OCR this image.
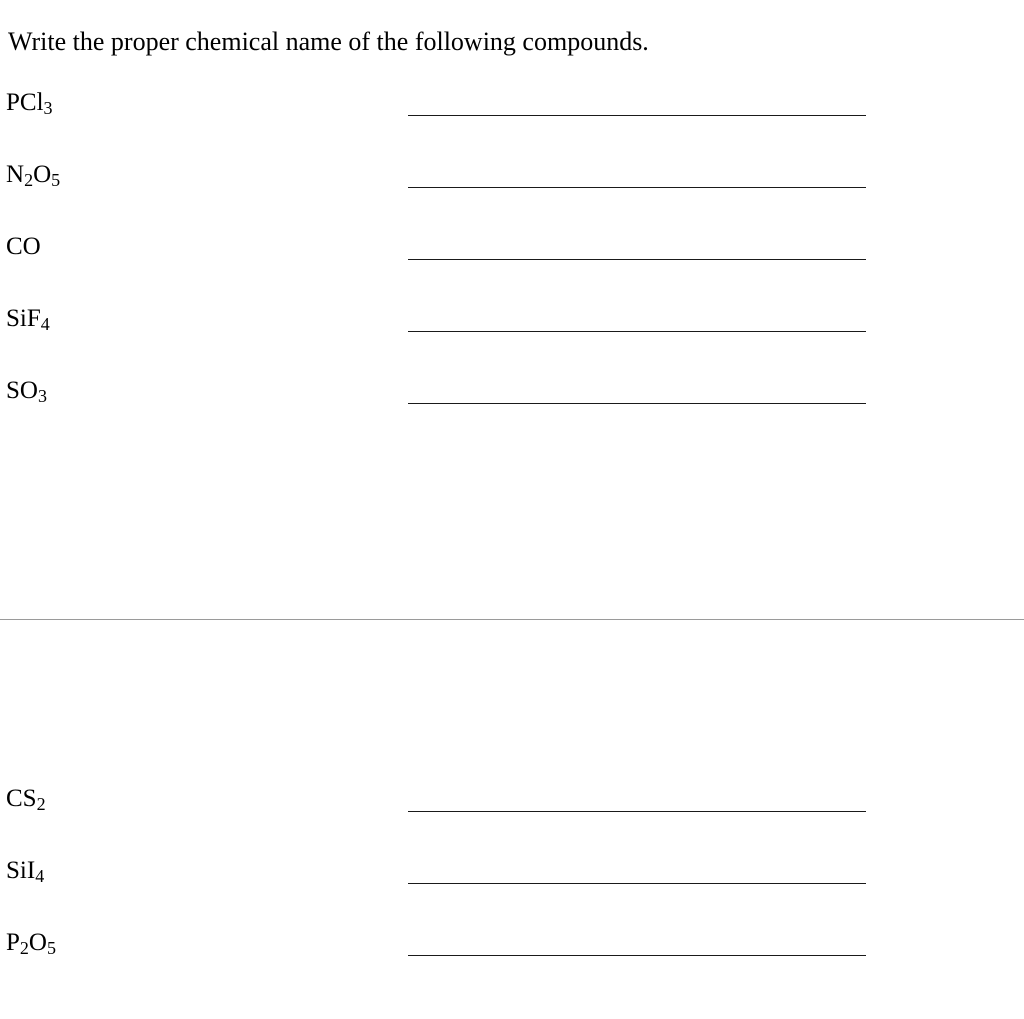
Write the proper chemical name of the following compounds.
PCl$_3$
$N_2O_5$
CO
SiF$_4$
$SO_3$
$CS_2$
SiI$_4$
$P_2O_5$
